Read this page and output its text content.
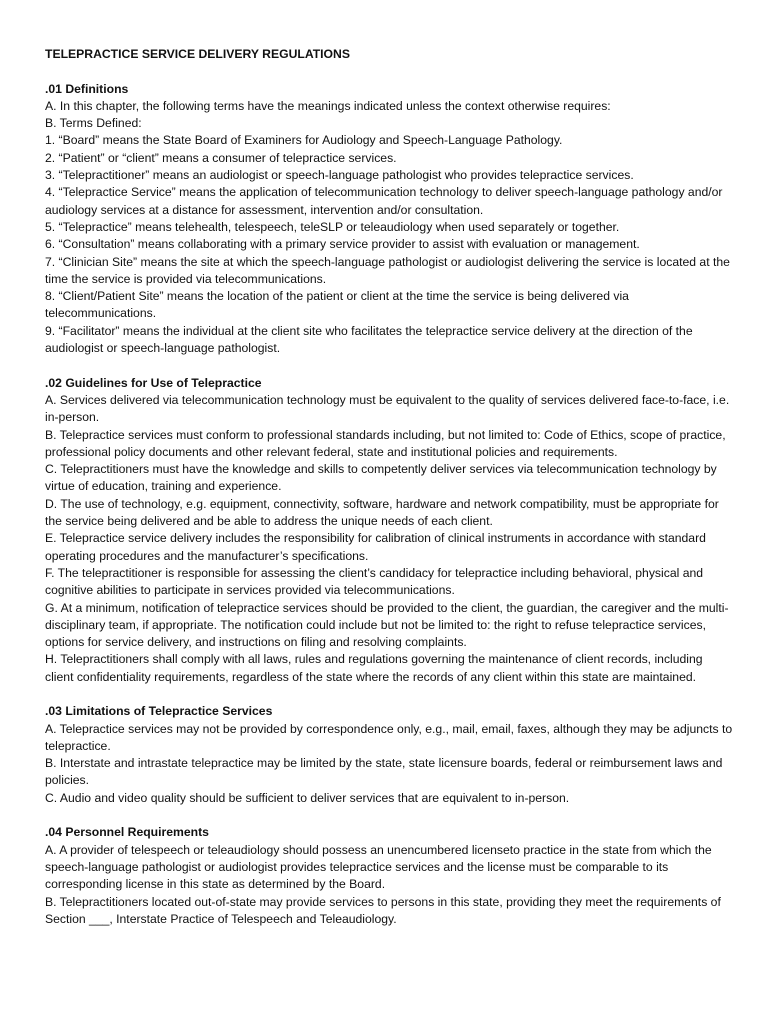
TELEPRACTICE SERVICE DELIVERY REGULATIONS
.01 Definitions

A. In this chapter, the following terms have the meanings indicated unless the context otherwise requires:

B. Terms Defined:

1. “Board” means the State Board of Examiners for Audiology and Speech-Language Pathology.

2. “Patient” or “client” means a consumer of telepractice services.

3. “Telepractitioner” means an audiologist or speech-language pathologist who provides telepractice services.

4. “Telepractice Service” means the application of telecommunication technology to deliver speech-language pathology and/or audiology services at a distance for assessment, intervention and/or consultation.

5. “Telepractice” means telehealth, telespeech, teleSLP or teleaudiology when used separately or together.

6. “Consultation” means collaborating with a primary service provider to assist with evaluation or management.

7. “Clinician Site” means the site at which the speech-language pathologist or audiologist delivering the service is located at the time the service is provided via telecommunications.

8. “Client/Patient Site” means the location of the patient or client at the time the service is being delivered via telecommunications.

9. “Facilitator” means the individual at the client site who facilitates the telepractice service delivery at the direction of the audiologist or speech-language pathologist.

.02 Guidelines for Use of Telepractice

A. Services delivered via telecommunication technology must be equivalent to the quality of services delivered face-to-face, i.e. in-person.

B. Telepractice services must conform to professional standards including, but not limited to: Code of Ethics, scope of practice, professional policy documents and other relevant federal, state and institutional policies and requirements.

C. Telepractitioners must have the knowledge and skills to competently deliver services via telecommunication technology by virtue of education, training and experience.

D. The use of technology, e.g. equipment, connectivity, software, hardware and network compatibility, must be appropriate for the service being delivered and be able to address the unique needs of each client.

E. Telepractice service delivery includes the responsibility for calibration of clinical instruments in accordance with standard operating procedures and the manufacturer’s specifications.

F. The telepractitioner is responsible for assessing the client’s candidacy for telepractice including behavioral, physical and cognitive abilities to participate in services provided via telecommunications.

G. At a minimum, notification of telepractice services should be provided to the client, the guardian, the caregiver and the multi-disciplinary team, if appropriate. The notification could include but not be limited to: the right to refuse telepractice services, options for service delivery, and instructions on filing and resolving complaints.

H. Telepractitioners shall comply with all laws, rules and regulations governing the maintenance of client records, including client confidentiality requirements, regardless of the state where the records of any client within this state are maintained.

.03 Limitations of Telepractice Services

A. Telepractice services may not be provided by correspondence only, e.g., mail, email, faxes, although they may be adjuncts to telepractice.

B. Interstate and intrastate telepractice may be limited by the state, state licensure boards, federal or reimbursement laws and policies.

C. Audio and video quality should be sufficient to deliver services that are equivalent to in-person.

.04 Personnel Requirements

A. A provider of telespeech or teleaudiology should possess an unencumbered licenseto practice in the state from which the speech-language pathologist or audiologist provides telepractice services and the license must be comparable to its corresponding license in this state as determined by the Board.

B. Telepractitioners located out-of-state may provide services to persons in this state, providing they meet the requirements of Section ___, Interstate Practice of Telespeech and Teleaudiology.
